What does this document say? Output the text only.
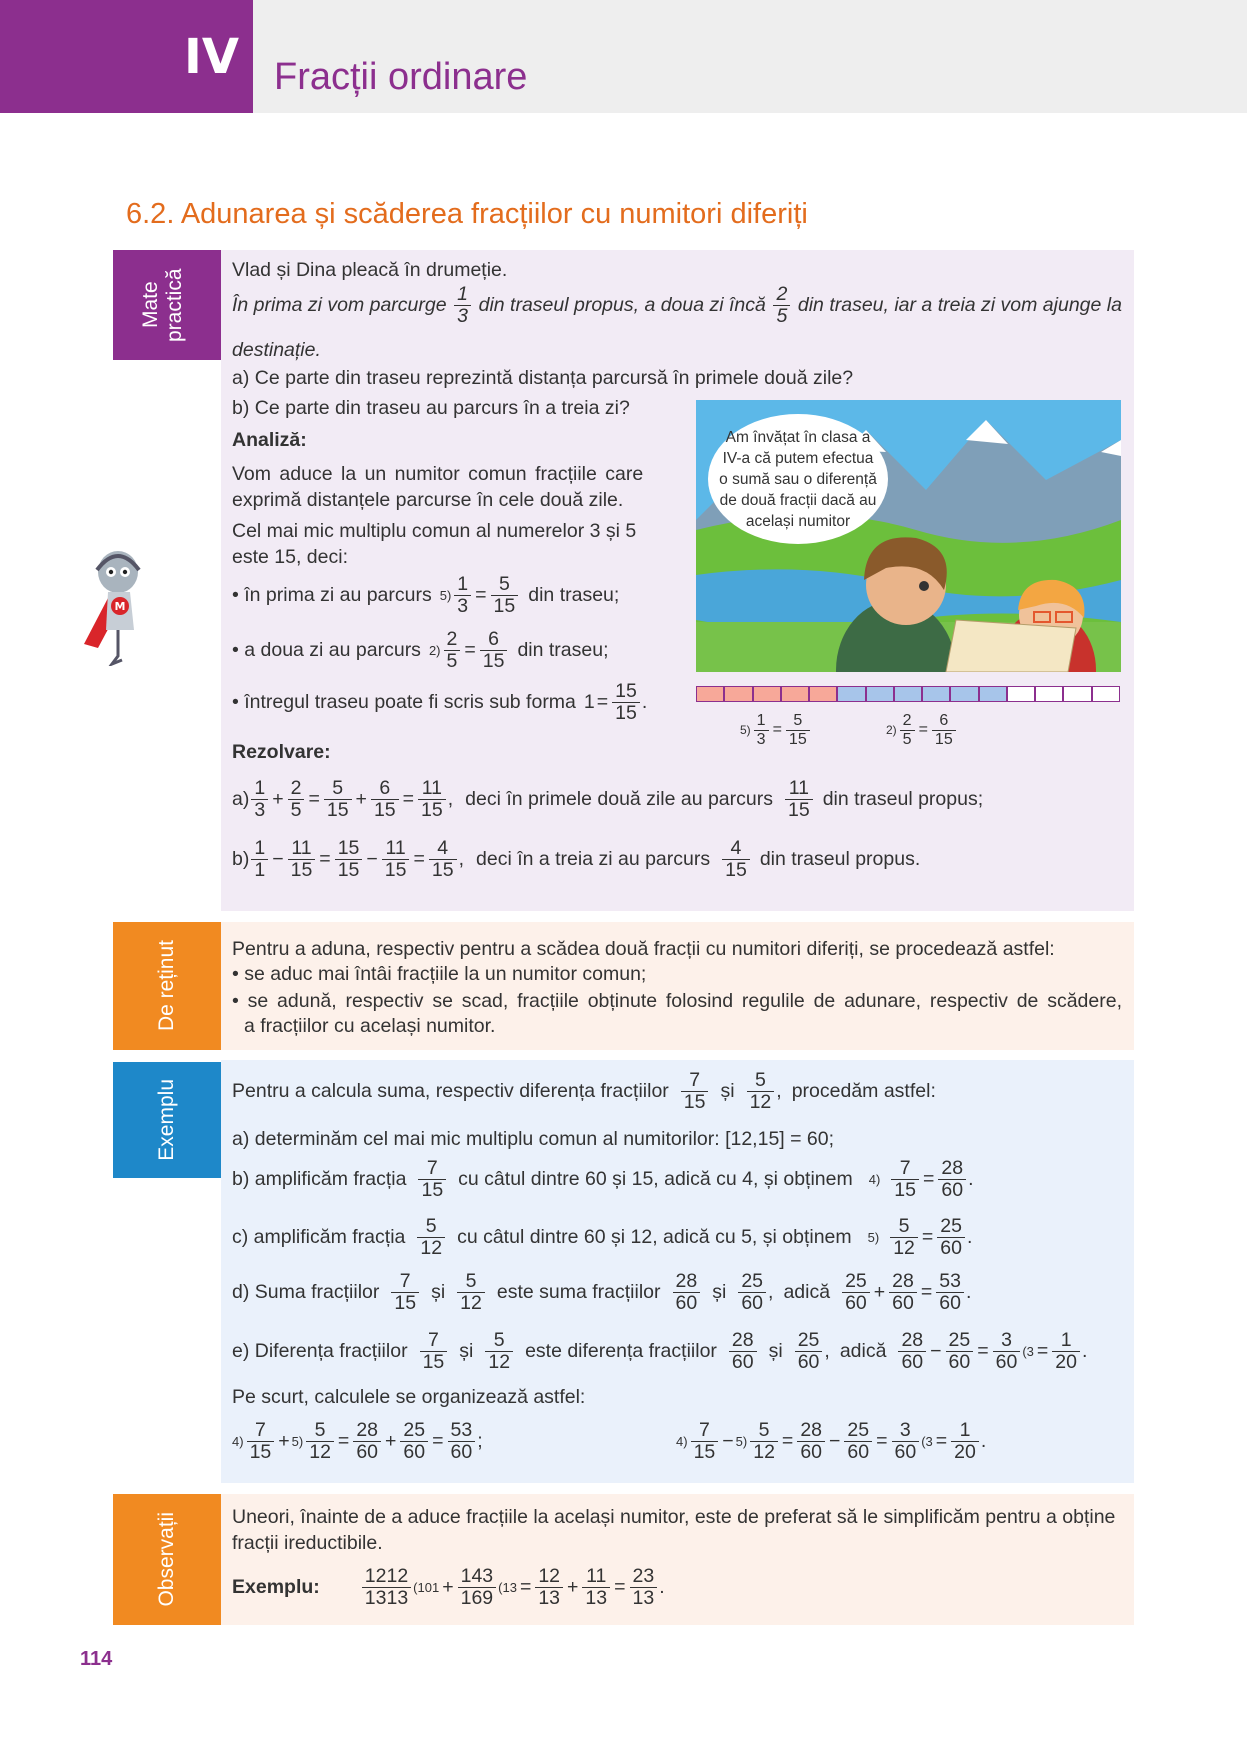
IV Fracții ordinare
6.2. Adunarea și scăderea fracțiilor cu numitori diferiți
Mate practică
De reținut
Exemplu
Observații
M
Vlad și Dina pleacă în drumeție.
În prima zi vom parcurge
1
3 din traseul propus, a doua zi încă
2
5 din traseu, iar a treia zi vom ajunge la
destinație.
a) Ce parte din traseu reprezintă distanța parcursă în primele două zile?
b) Ce parte din traseu au parcurs în a treia zi?
Analiză:
Vom aduce la un numitor comun fracțiile care
exprimă distanțele parcurse în cele două zile.
Cel mai mic multiplu comun al numerelor 3 și 5
este 15, deci:
• în prima zi au parcurs $5) \frac{1}{3} = \frac{5}{15}$ din traseu;
• a doua zi au parcurs $2) \frac{2}{5} = \frac{6}{15}$ din traseu;
• întregul traseu poate fi scris sub forma $1 = \frac{15}{15}$ .
Rezolvare:
a)
1
$3 + \frac{2}{5} = \frac{5}{15} + \frac{6}{15} = \frac{11}{15}$ , deci în primele două zile au parcurs
11
15 din traseul propus;
b)
1
$1 - \frac{11}{15} = \frac{15}{15} - \frac{11}{15} = \frac{4}{15}$ , deci în a treia zi au parcurs
4
15 din traseul propus.
Am învățat în clasa a IV-a că putem efectua o sumă sau o diferență de două fracții dacă au același numitor
$5) \frac{1}{3} = \frac{5}{15}$	$2) \frac{2}{5} = \frac{6}{15}$
Pentru a aduna, respectiv pentru a scădea două fracții cu numitori diferiți, se procedează astfel:
• se aduc mai întâi fracțiile la un numitor comun;
• se adună, respectiv se scad, fracțiile obținute folosind regulile de adunare, respectiv de scădere,
a fracțiilor cu același numitor.
Pentru a calcula suma, respectiv diferența fracțiilor
7
15 și
5
12 , procedăm astfel:
a) determinăm cel mai mic multiplu comun al numitorilor: [12,15] = 60;
b) amplificăm fracția
7
15 cu câtul dintre 60 și 15, adică cu 4, și obținem $4) \frac{7}{15} = \frac{28}{60}$ .
c) amplificăm fracția
5
12 cu câtul dintre 60 și 12, adică cu 5, și obținem $5) \frac{5}{12} = \frac{25}{60}$ .
d) Suma fracțiilor
7
15 și
5
12 este suma fracțiilor
28
60 și
25
60 , adică
25
$60 + \frac{28}{60} = \frac{53}{60}$ .
e) Diferența fracțiilor
7
15 și
5
12 este diferența fracțiilor
28
60 și
25
60 , adică
28
$60 - \frac{25}{60} = \frac{3}{60} (3 = \frac{1}{20}$ .
Pe scurt, calculele se organizează astfel:
4)
7
$15 + 5) \frac{5}{12} = \frac{28}{60} + \frac{25}{60} = \frac{53}{60}$ ;	4)
7
$15 - 5) \frac{5}{12} = \frac{28}{60} - \frac{25}{60} = \frac{3}{60} (3 = \frac{1}{20}$ .
Uneori, înainte de a aduce fracțiile la același numitor, este de preferat să le simplificăm pentru a obține
fracții ireductibile.
Exemplu:
1212
1313 ($101 + \frac{143}{169} (13 = \frac{12}{13} + \frac{11}{13} = \frac{23}{13}$ .
114
